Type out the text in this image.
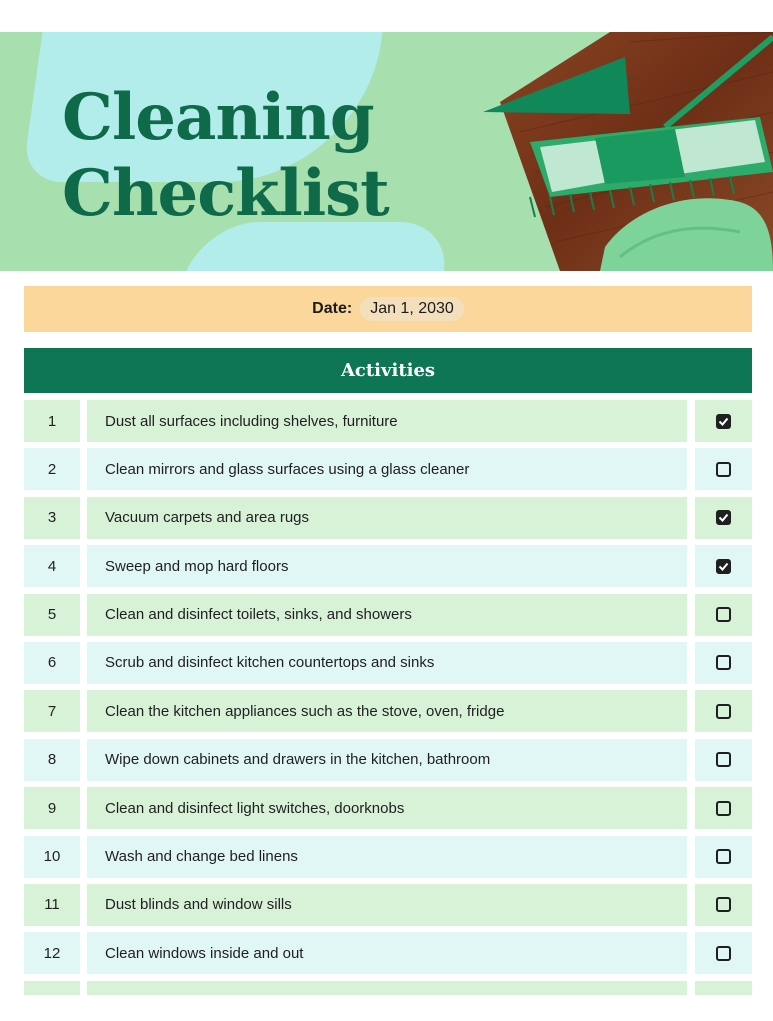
Cleaning
Checklist
Date:	Jan 1, 2030
Activities
1	Dust all surfaces including shelves, furniture
2	Clean mirrors and glass surfaces using a glass cleaner
3	Vacuum carpets and area rugs
4	Sweep and mop hard floors
5	Clean and disinfect toilets, sinks, and showers
6	Scrub and disinfect kitchen countertops and sinks
7	Clean the kitchen appliances such as the stove, oven, fridge
8	Wipe down cabinets and drawers in the kitchen, bathroom
9	Clean and disinfect light switches, doorknobs
10	Wash and change bed linens
11	Dust blinds and window sills
12	Clean windows inside and out
